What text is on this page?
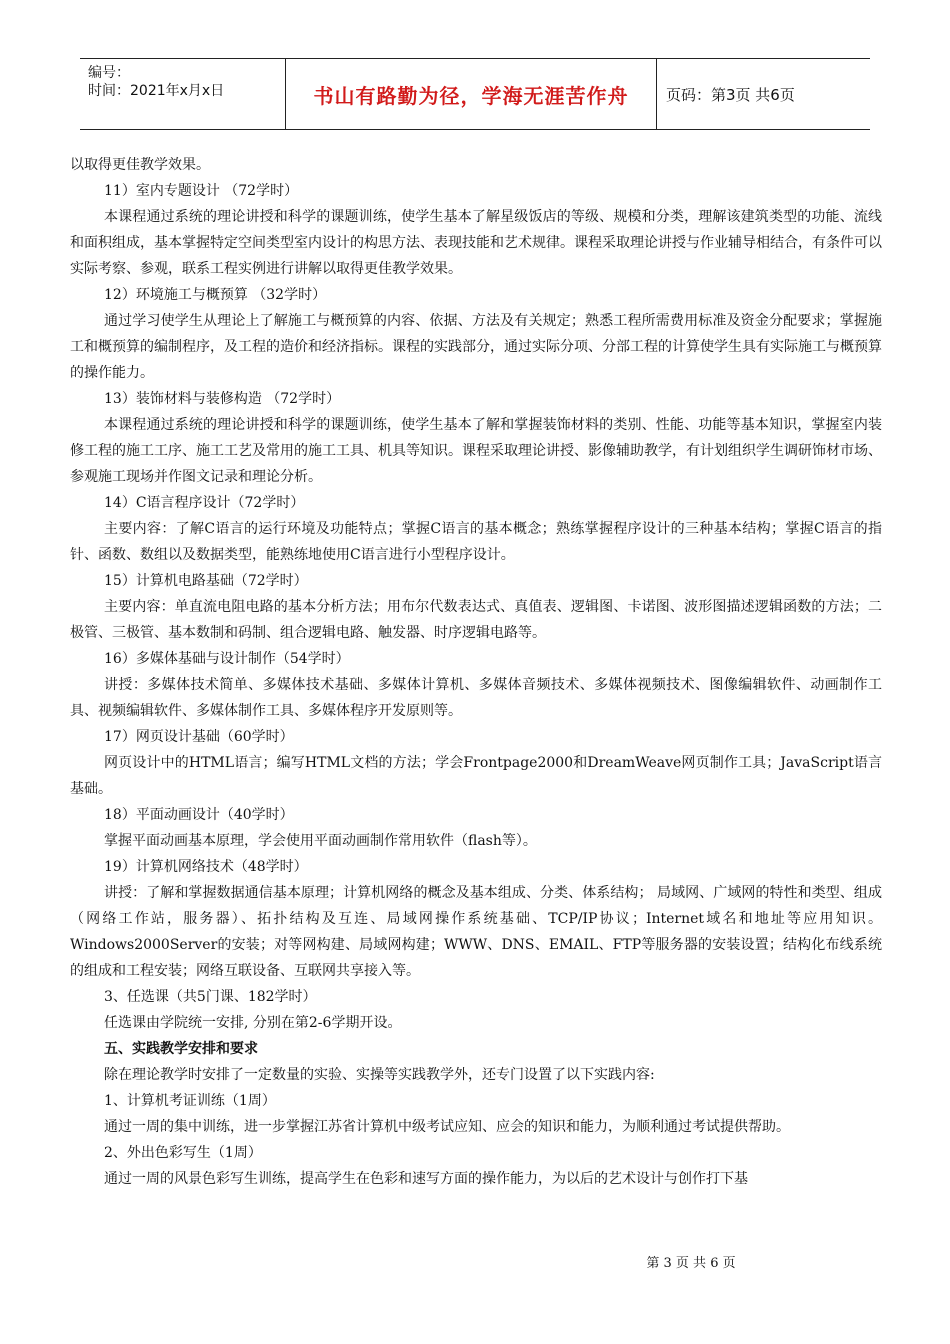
编号：
时间：2021年x月x日	书山有路勤为径，学海无涯苦作舟	页码：第3页 共6页

以取得更佳教学效果。

11）室内专题设计 （72学时）

本课程通过系统的理论讲授和科学的课题训练，使学生基本了解星级饭店的等级、规模和分类，理解该建筑类型的功能、流线和面积组成，基本掌握特定空间类型室内设计的构思方法、表现技能和艺术规律。课程采取理论讲授与作业辅导相结合，有条件可以实际考察、参观，联系工程实例进行讲解以取得更佳教学效果。

12）环境施工与概预算 （32学时）

通过学习使学生从理论上了解施工与概预算的内容、依据、方法及有关规定；熟悉工程所需费用标准及资金分配要求；掌握施工和概预算的编制程序，及工程的造价和经济指标。课程的实践部分，通过实际分项、分部工程的计算使学生具有实际施工与概预算的操作能力。

13）装饰材料与装修构造 （72学时）

本课程通过系统的理论讲授和科学的课题训练，使学生基本了解和掌握装饰材料的类别、性能、功能等基本知识，掌握室内装修工程的施工工序、施工工艺及常用的施工工具、机具等知识。课程采取理论讲授、影像辅助教学，有计划组织学生调研饰材市场、参观施工现场并作图文记录和理论分析。

14）C语言程序设计（72学时）

主要内容：了解C语言的运行环境及功能特点；掌握C语言的基本概念；熟练掌握程序设计的三种基本结构；掌握C语言的指针、函数、数组以及数据类型，能熟练地使用C语言进行小型程序设计。

15）计算机电路基础（72学时）

主要内容：单直流电阻电路的基本分析方法；用布尔代数表达式、真值表、逻辑图、卡诺图、波形图描述逻辑函数的方法；二极管、三极管、基本数制和码制、组合逻辑电路、触发器、时序逻辑电路等。

16）多媒体基础与设计制作（54学时）

讲授：多媒体技术简单、多媒体技术基础、多媒体计算机、多媒体音频技术、多媒体视频技术、图像编辑软件、动画制作工具、视频编辑软件、多媒体制作工具、多媒体程序开发原则等。

17）网页设计基础（60学时）

网页设计中的HTML语言；编写HTML文档的方法；学会Frontpage2000和DreamWeave网页制作工具；JavaScript语言基础。

18）平面动画设计（40学时）

掌握平面动画基本原理，学会使用平面动画制作常用软件（flash等）。

19）计算机网络技术（48学时）

讲授：了解和掌握数据通信基本原理；计算机网络的概念及基本组成、分类、体系结构； 局域网、广域网的特性和类型、组成（网络工作站，服务器）、拓扑结构及互连、局域网操作系统基础、TCP/IP协议；Internet域名和地址等应用知识。Windows2000Server的安装；对等网构建、局域网构建；WWW、DNS、EMAIL、FTP等服务器的安装设置；结构化布线系统的组成和工程安装；网络互联设备、互联网共享接入等。

3、任选课（共5门课、182学时）

任选课由学院统一安排, 分别在第2-6学期开设。

五、实践教学安排和要求

除在理论教学时安排了一定数量的实验、实操等实践教学外，还专门设置了以下实践内容:

1、计算机考证训练（1周）

通过一周的集中训练，进一步掌握江苏省计算机中级考试应知、应会的知识和能力，为顺利通过考试提供帮助。

2、外出色彩写生（1周）

通过一周的风景色彩写生训练，提高学生在色彩和速写方面的操作能力，为以后的艺术设计与创作打下基

第 3 页 共 6 页
